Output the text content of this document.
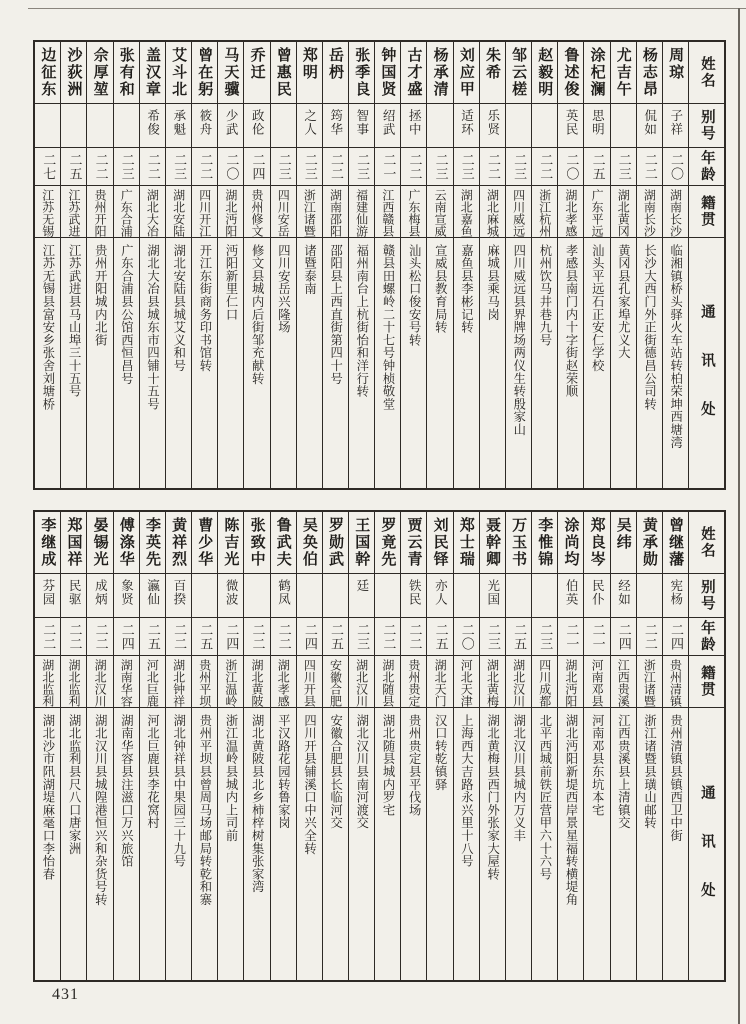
姓名
别号
年龄
籍贯
通讯处
周琼
子祥
二〇
湖南长沙
临湘镇桥头驿火车站转柏荣坤西塘湾
杨志昂
侃如
二二
湖南长沙
长沙大西门外正街德昌公司转
尤吉午
二三
湖北黄冈
黄冈县孔家埠尤义大
涂杞澜
思明
二五
广东平远
汕头平远石正安仁学校
鲁述俊
英民
二〇
湖北孝感
孝感县南门内十字街赵荣顺
赵毅明
二二
浙江杭州
杭州饮马井巷九号
邹云槎
二三
四川威远
四川威远县界牌场两仪生转殷家山
朱希
乐贤
二二
湖北麻城
麻城县乘马岗
刘应甲
适环
二三
湖北嘉鱼
嘉鱼县李彬记转
杨承清
二三
云南宣威
宣威县教育局转
古才盛
拯中
二二
广东梅县
汕头松口俊安号转
钟国贤
绍武
二一
江西赣县
赣县田螺岭二十七号钟桢敬堂
张季良
智事
二三
福建仙游
福州南台上杭街怡和洋行转
岳枬
筠华
二二
湖南邵阳
邵阳县上西直街第四十号
郑明
之人
二三
浙江诸暨
诸暨泰南
曾惠民
二三
四川安岳
四川安岳兴隆场
乔迁
政伦
二四
贵州修文
修文县城内后街邹充献转
马天骥
少武
二〇
湖北沔阳
沔阳新里仁口
曾在躬
筱舟
二二
四川开江
开江东街商务印书馆转
艾斗北
承魁
二三
湖北安陆
湖北安陆县城艾义和号
盖汉章
希俊
二二
湖北大冶
湖北大冶县城东市四铺十五号
张有和
二三
广东合浦
广东合浦县公馆西恒昌号
佘厚堃
二二
贵州开阳
贵州开阳城内北街
沙荻洲
二五
江苏武进
江苏武进县马山埠三十五号
边征东
二七
江苏无锡
江苏无锡县富安乡张舍刘塘桥
姓名
别号
年龄
籍贯
通讯处
曾继藩
宪杨
二四
贵州清镇
贵州清镇县镇西卫中街
黄承勋
二二
浙江诸暨
浙江诸暨县璜山邮转
吴纬
经如
二四
江西贵溪
江西贵溪县上清镇交
郑良岑
民仆
二一
河南邓县
河南邓县东坑本宅
涂尚均
伯英
二一
湖北沔阳
湖北沔阳新堤西岸景星福转横堤角
李惟锦
二三
四川成都
北平西城前铁匠营甲六十六号
万玉书
二五
湖北汉川
湖北汉川县城内万义丰
聂幹卿
光国
二三
湖北黄梅
湖北黄梅县西门外张家大屋转
郑士瑞
二〇
河北天津
上海西大吉路永兴里十八号
刘民铎
亦人
二五
湖北天门
汉口转乾镇驿
贾云青
铁民
二二
贵州贵定
贵州贵定县平伐场
罗竟先
二二
湖北随县
湖北随县城内罗宅
王国幹
廷
二三
湖北汉川
湖北汉川县南河渡交
罗勋武
二五
安徽合肥
安徽合肥县长临河交
吴奂伯
二四
四川开县
四川开县铺溪口中兴全转
鲁武夫
鹤凤
二二
湖北孝感
平汉路花园转鲁家岗
张致中
二二
湖北黄陂
湖北黄陂县北乡柿梓树集张家湾
陈吉光
微波
二四
浙江温岭
浙江温岭县城内上司前
曹少华
二五
贵州平坝
贵州平坝县曾周马场邮局转乾和寨
黄祥烈
百揆
二二
湖北钟祥
湖北钟祥县中果园三十九号
李英先
瀛仙
二五
河北巨鹿
河北巨鹿县李花窝村
傅涤华
象贤
二四
湖南华容
湖南华容县注滋口万兴旅馆
晏锡光
成炳
二二
湖北汉川
湖北汉川县城隍港恒兴和杂货号转
郑国祥
民驱
二二
湖北监利
湖北监利县尺八口唐家洲
李继成
芬园
二二
湖北监利
湖北沙市阠湖堤麻毫口李怡春
431
